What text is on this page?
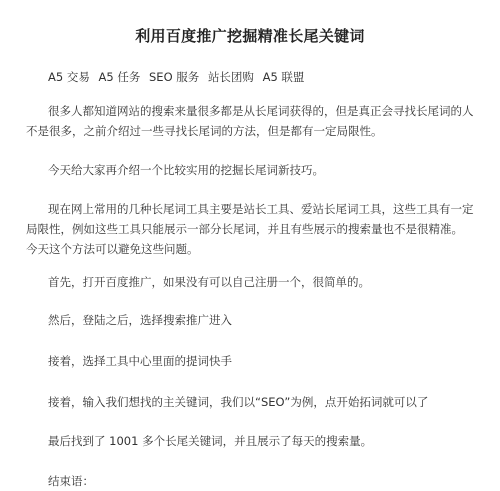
利用百度推广挖掘精准长尾关键词
A5 交易 A5 任务 SEO 服务 站长团购 A5 联盟

很多人都知道网站的搜索来量很多都是从长尾词获得的，但是真正会寻找长尾词的人不是很多，之前介绍过一些寻找长尾词的方法，但是都有一定局限性。

今天给大家再介绍一个比较实用的挖掘长尾词新技巧。

现在网上常用的几种长尾词工具主要是站长工具、爱站长尾词工具，这些工具有一定局限性，例如这些工具只能展示一部分长尾词，并且有些展示的搜索量也不是很精准。今天这个方法可以避免这些问题。

首先，打开百度推广，如果没有可以自己注册一个，很简单的。

然后，登陆之后，选择搜索推广进入

接着，选择工具中心里面的提词快手

接着，输入我们想找的主关键词，我们以“SEO”为例，点开始拓词就可以了

最后找到了 1001 多个长尾关键词，并且展示了每天的搜索量。

结束语：
